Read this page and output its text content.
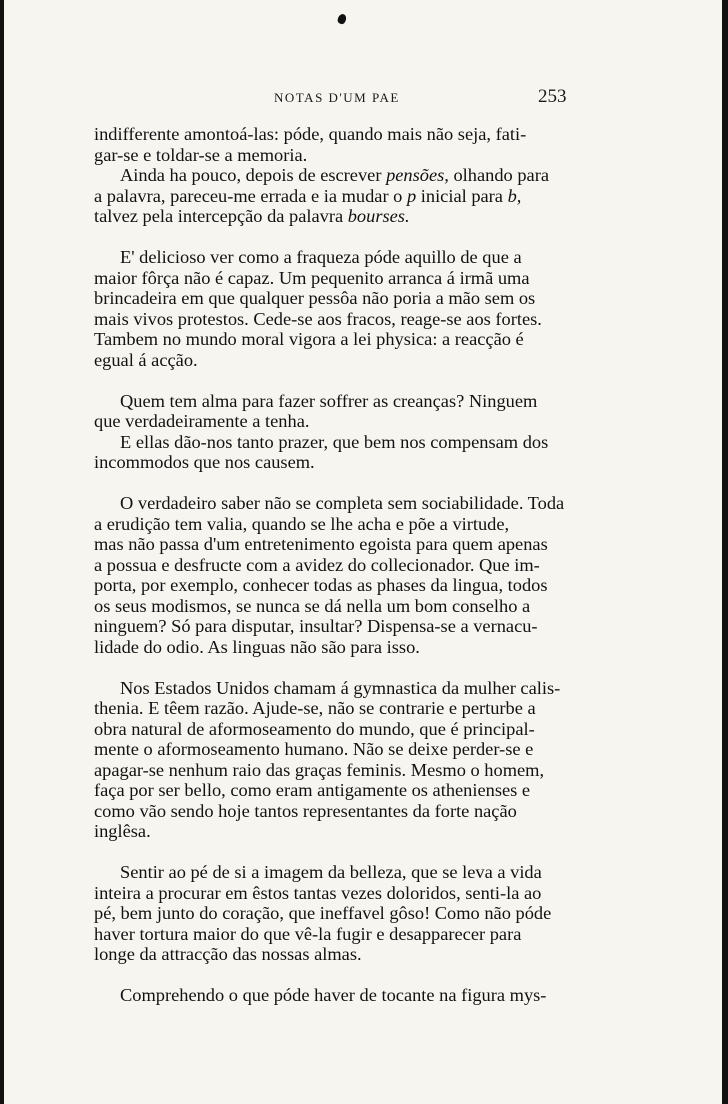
NOTAS D'UM PAE	253
indifferente amontoá-las: póde, quando mais não seja, fati-
gar-se e toldar-se a memoria.
Ainda ha pouco, depois de escrever pensões, olhando para
a palavra, pareceu-me errada e ia mudar o p inicial para b,
talvez pela intercepção da palavra bourses.
E' delicioso ver como a fraqueza póde aquillo de que a
maior fôrça não é capaz. Um pequenito arranca á irmã uma
brincadeira em que qualquer pessôa não poria a mão sem os
mais vivos protestos. Cede-se aos fracos, reage-se aos fortes.
Tambem no mundo moral vigora a lei physica: a reacção é
egual á acção.
Quem tem alma para fazer soffrer as creanças? Ninguem
que verdadeiramente a tenha.
E ellas dão-nos tanto prazer, que bem nos compensam dos
incommodos que nos causem.
O verdadeiro saber não se completa sem sociabilidade. Toda
a erudição tem valia, quando se lhe acha e põe a virtude,
mas não passa d'um entretenimento egoista para quem apenas
a possua e desfructe com a avidez do collecionador. Que im-
porta, por exemplo, conhecer todas as phases da lingua, todos
os seus modismos, se nunca se dá nella um bom conselho a
ninguem? Só para disputar, insultar? Dispensa-se a vernacu-
lidade do odio. As linguas não são para isso.
Nos Estados Unidos chamam á gymnastica da mulher calis-
thenia. E têem razão. Ajude-se, não se contrarie e perturbe a
obra natural de aformoseamento do mundo, que é principal-
mente o aformoseamento humano. Não se deixe perder-se e
apagar-se nenhum raio das graças feminis. Mesmo o homem,
faça por ser bello, como eram antigamente os athenienses e
como vão sendo hoje tantos representantes da forte nação
inglêsa.
Sentir ao pé de si a imagem da belleza, que se leva a vida
inteira a procurar em êstos tantas vezes doloridos, senti-la ao
pé, bem junto do coração, que ineffavel gôso! Como não póde
haver tortura maior do que vê-la fugir e desapparecer para
longe da attracção das nossas almas.
Comprehendo o que póde haver de tocante na figura mys-
